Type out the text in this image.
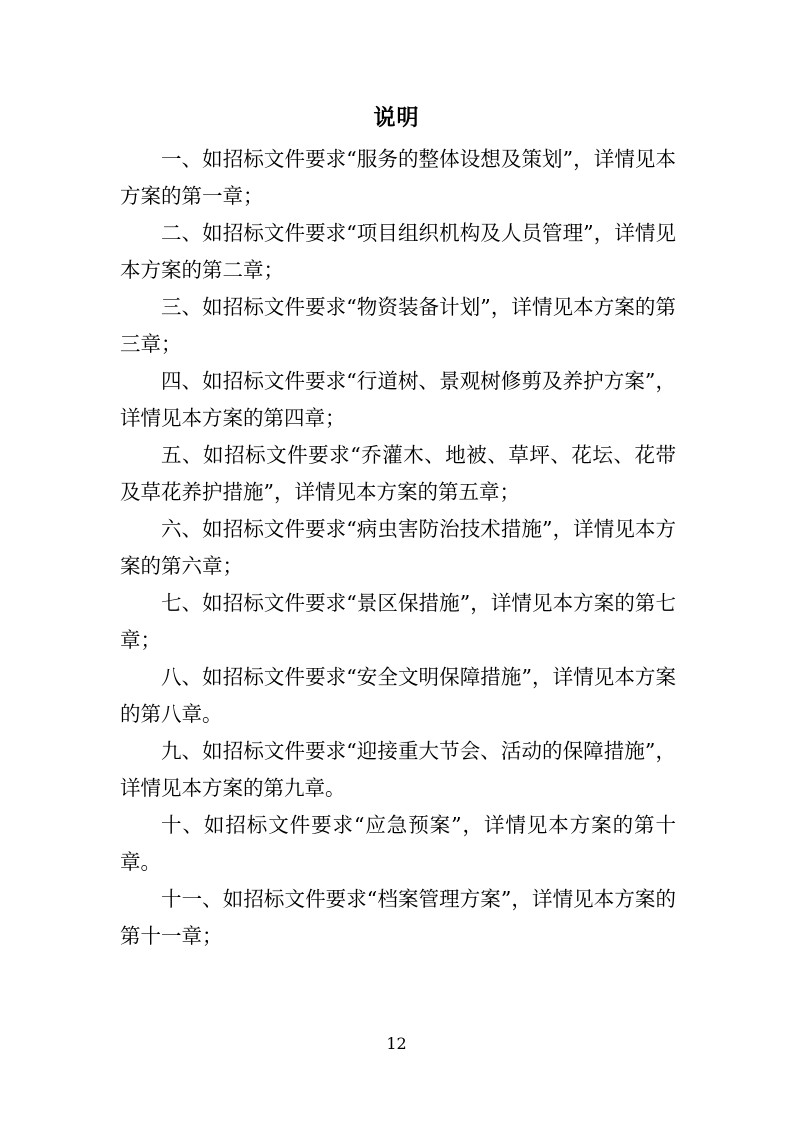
说明

一、如招标文件要求“服务的整体设想及策划”，详情见本方案的第一章；

二、如招标文件要求“项目组织机构及人员管理”，详情见本方案的第二章；

三、如招标文件要求“物资装备计划”，详情见本方案的第三章；

四、如招标文件要求“行道树、景观树修剪及养护方案”，详情见本方案的第四章；

五、如招标文件要求“乔灌木、地被、草坪、花坛、花带及草花养护措施”，详情见本方案的第五章；

六、如招标文件要求“病虫害防治技术措施”，详情见本方案的第六章；

七、如招标文件要求“景区保措施”，详情见本方案的第七章；

八、如招标文件要求“安全文明保障措施”，详情见本方案的第八章。

九、如招标文件要求“迎接重大节会、活动的保障措施”，详情见本方案的第九章。

十、如招标文件要求“应急预案”，详情见本方案的第十章。

十一、如招标文件要求“档案管理方案”，详情见本方案的第十一章；

12
